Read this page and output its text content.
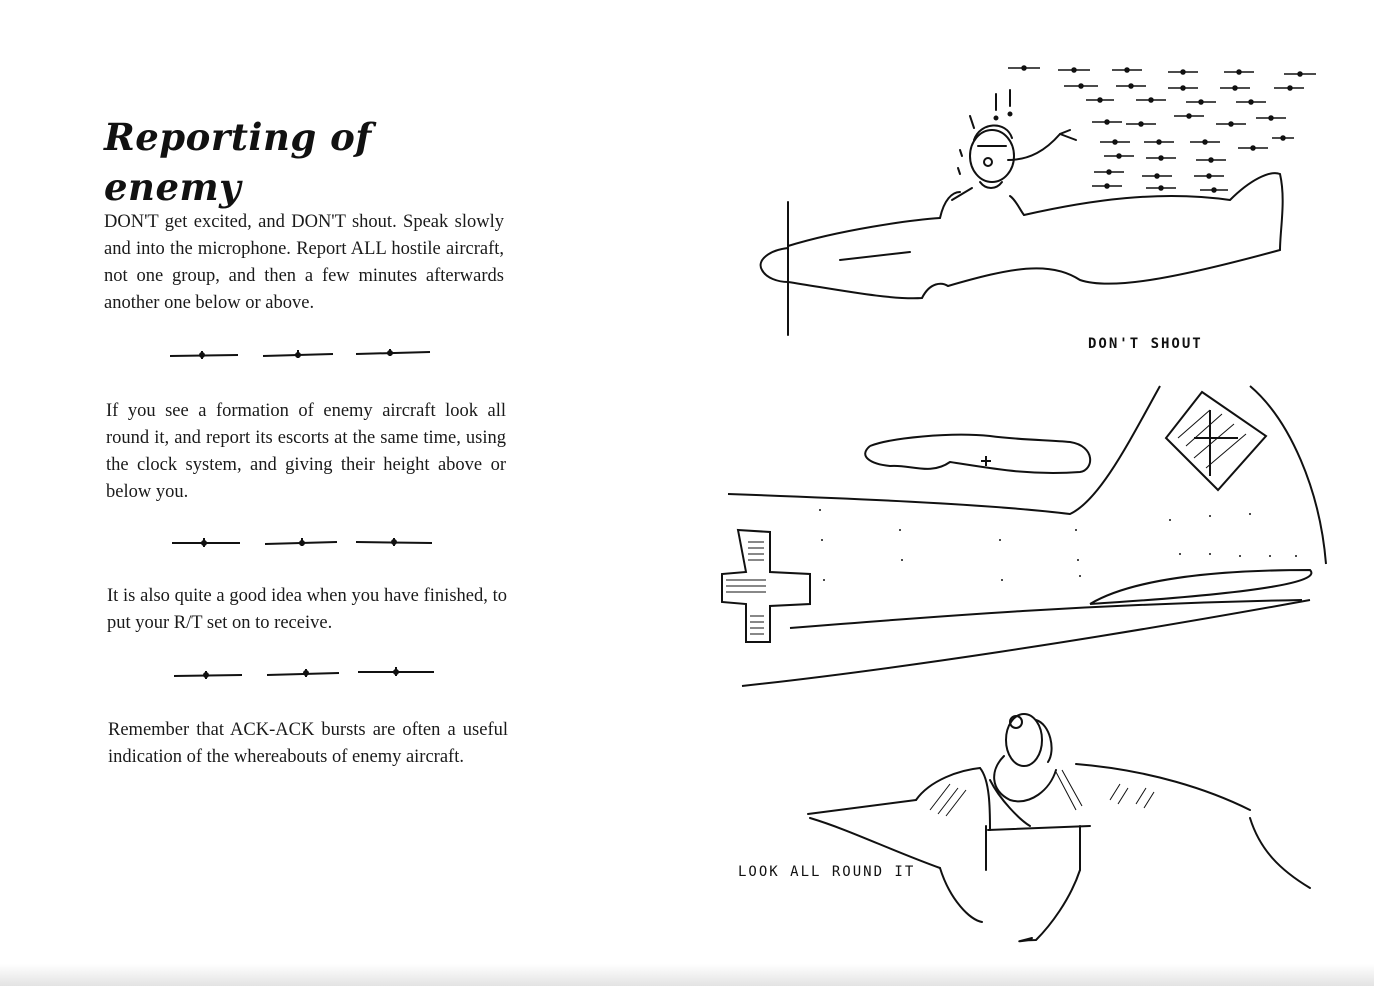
Reporting of enemy

DON'T get excited, and DON'T shout. Speak slowly and into the microphone. Report ALL hostile aircraft, not one group, and then a few minutes afterwards another one below or above.

If you see a formation of enemy aircraft look all round it, and report its escorts at the same time, using the clock system, and giving their height above or below you.

It is also quite a good idea when you have finished, to put your R/T set on to receive.

Remember that ACK-ACK bursts are often a useful indication of the whereabouts of enemy aircraft.

! !
DON'T SHOUT
LOOK ALL ROUND IT
